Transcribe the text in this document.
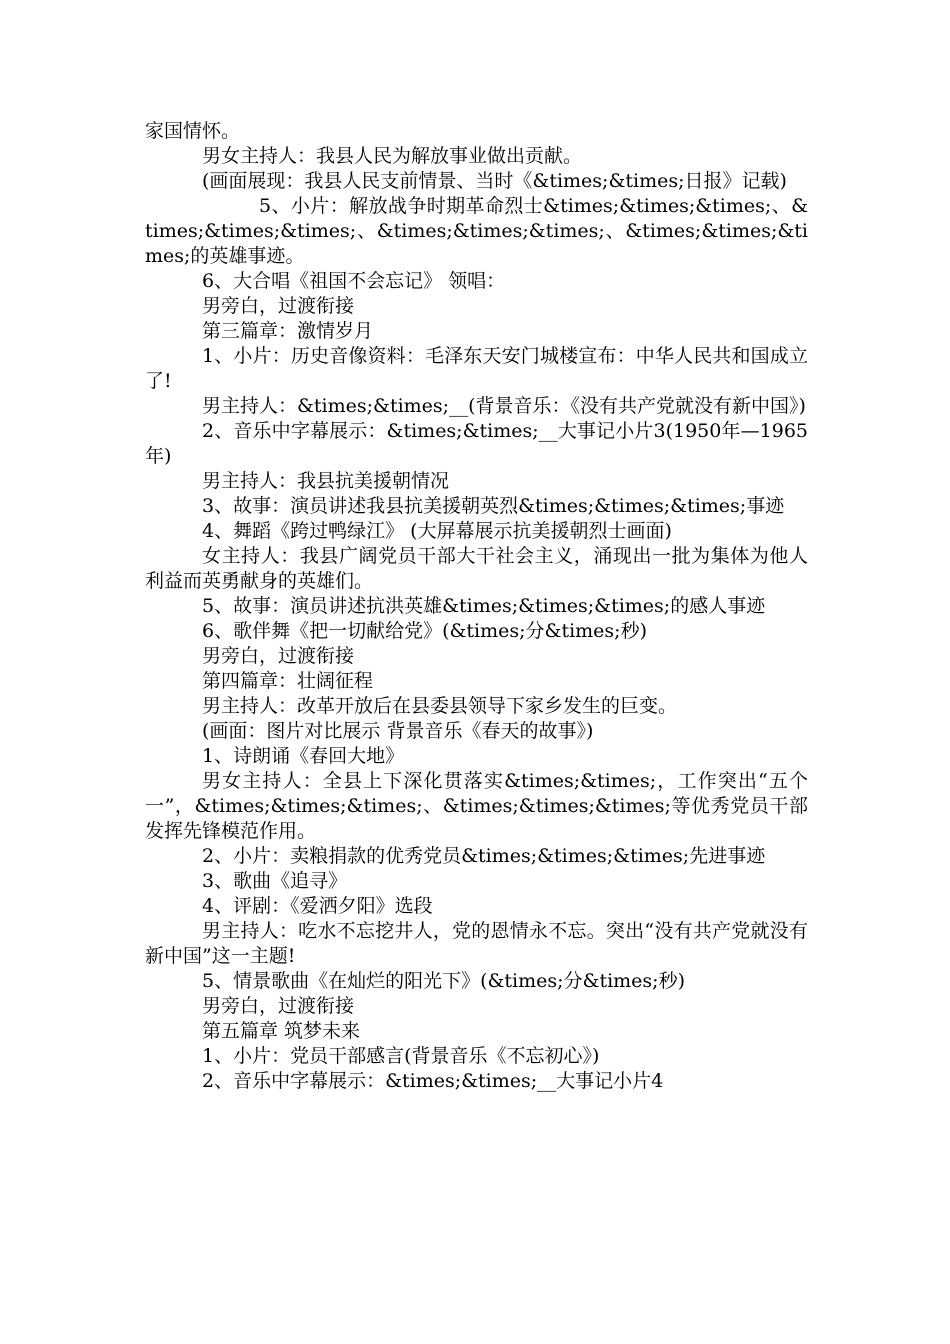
家国情怀。

男女主持人：我县人民为解放事业做出贡献。

(画面展现：我县人民支前情景、当时《&times;&times;日报》记载)

5、小片：解放战争时期革命烈士&times;&times;&times;、&times;&times;&times;、&times;&times;&times;、&times;&times;&times;的英雄事迹。

6、大合唱《祖国不会忘记》 领唱：

男旁白，过渡衔接

第三篇章：激情岁月

1、小片：历史音像资料：毛泽东天安门城楼宣布：中华人民共和国成立了!

男主持人：&times;&times;__(背景音乐：《没有共产党就没有新中国》)

2、音乐中字幕展示：&times;&times;__大事记小片3(1950年—1965年)

男主持人：我县抗美援朝情况

3、故事：演员讲述我县抗美援朝英烈&times;&times;&times;事迹

4、舞蹈《跨过鸭绿江》 (大屏幕展示抗美援朝烈士画面)

女主持人：我县广阔党员干部大干社会主义，涌现出一批为集体为他人利益而英勇献身的英雄们。

5、故事：演员讲述抗洪英雄&times;&times;&times;的感人事迹

6、歌伴舞《把一切献给党》(&times;分&times;秒)

男旁白，过渡衔接

第四篇章：壮阔征程

男主持人：改革开放后在县委县领导下家乡发生的巨变。

(画面：图片对比展示 背景音乐《春天的故事》)

1、诗朗诵《春回大地》

男女主持人：全县上下深化贯落实&times;&times;，工作突出“五个一”，&times;&times;&times;、&times;&times;&times;等优秀党员干部发挥先锋模范作用。

2、小片：卖粮捐款的优秀党员&times;&times;&times;先进事迹

3、歌曲《追寻》

4、评剧：《爱洒夕阳》选段

男主持人：吃水不忘挖井人，党的恩情永不忘。突出“没有共产党就没有新中国”这一主题!

5、情景歌曲《在灿烂的阳光下》(&times;分&times;秒)

男旁白，过渡衔接

第五篇章 筑梦未来

1、小片：党员干部感言(背景音乐《不忘初心》)

2、音乐中字幕展示：&times;&times;__大事记小片4
